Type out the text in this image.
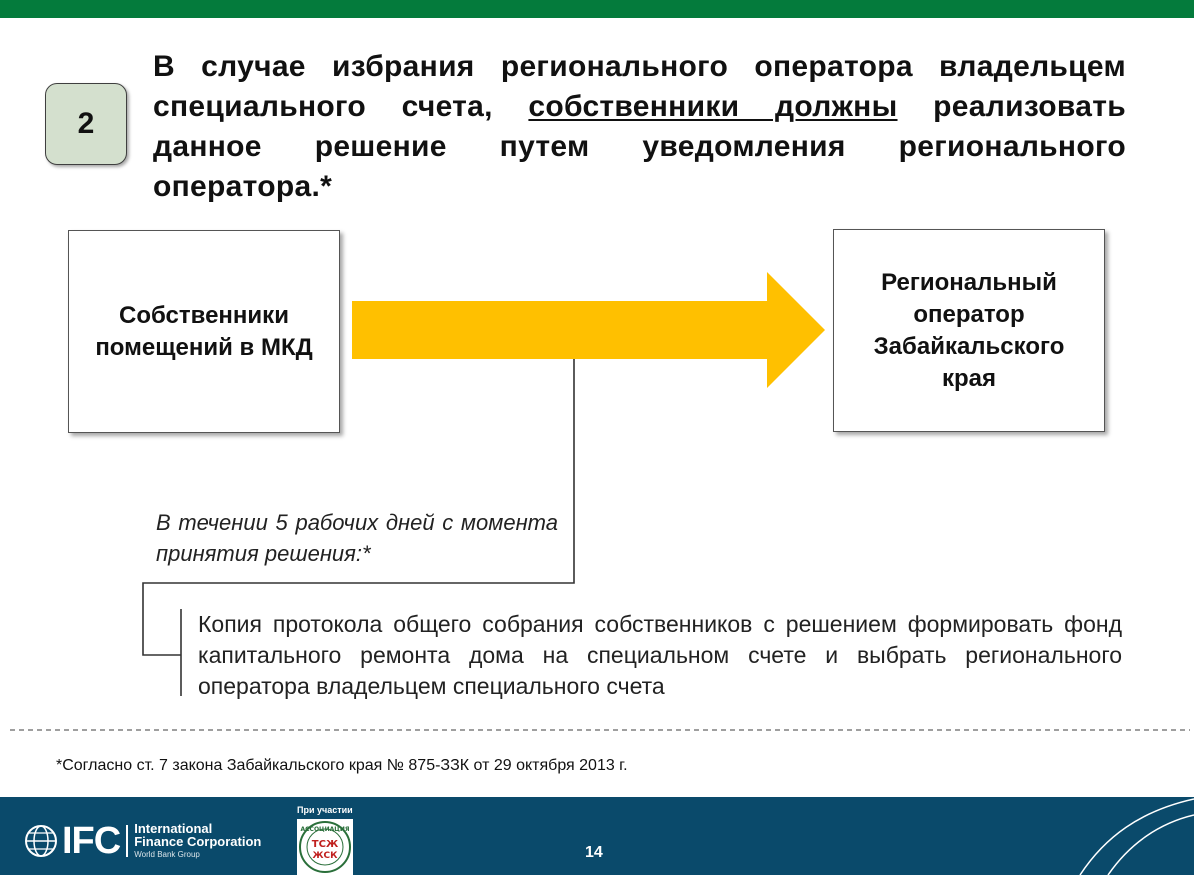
2
В случае избрания регионального оператора владельцем специального счета, собственники должны реализовать данное решение путем уведомления регионального оператора.*
Собственники помещений в МКД
Региональный оператор Забайкальского края
В течении 5 рабочих дней с момента принятия решения:*
Копия протокола общего собрания собственников с решением формировать фонд капитального ремонта дома на специальном счете и выбрать регионального оператора владельцем специального счета
*Согласно ст. 7 закона Забайкальского края № 875-ЗЗК от 29 октября 2013 г.
IFC International
Finance Corporation
World Bank Group
При участии
АССОЦИАЦИЯ
ТСЖ
ЖСК	14
